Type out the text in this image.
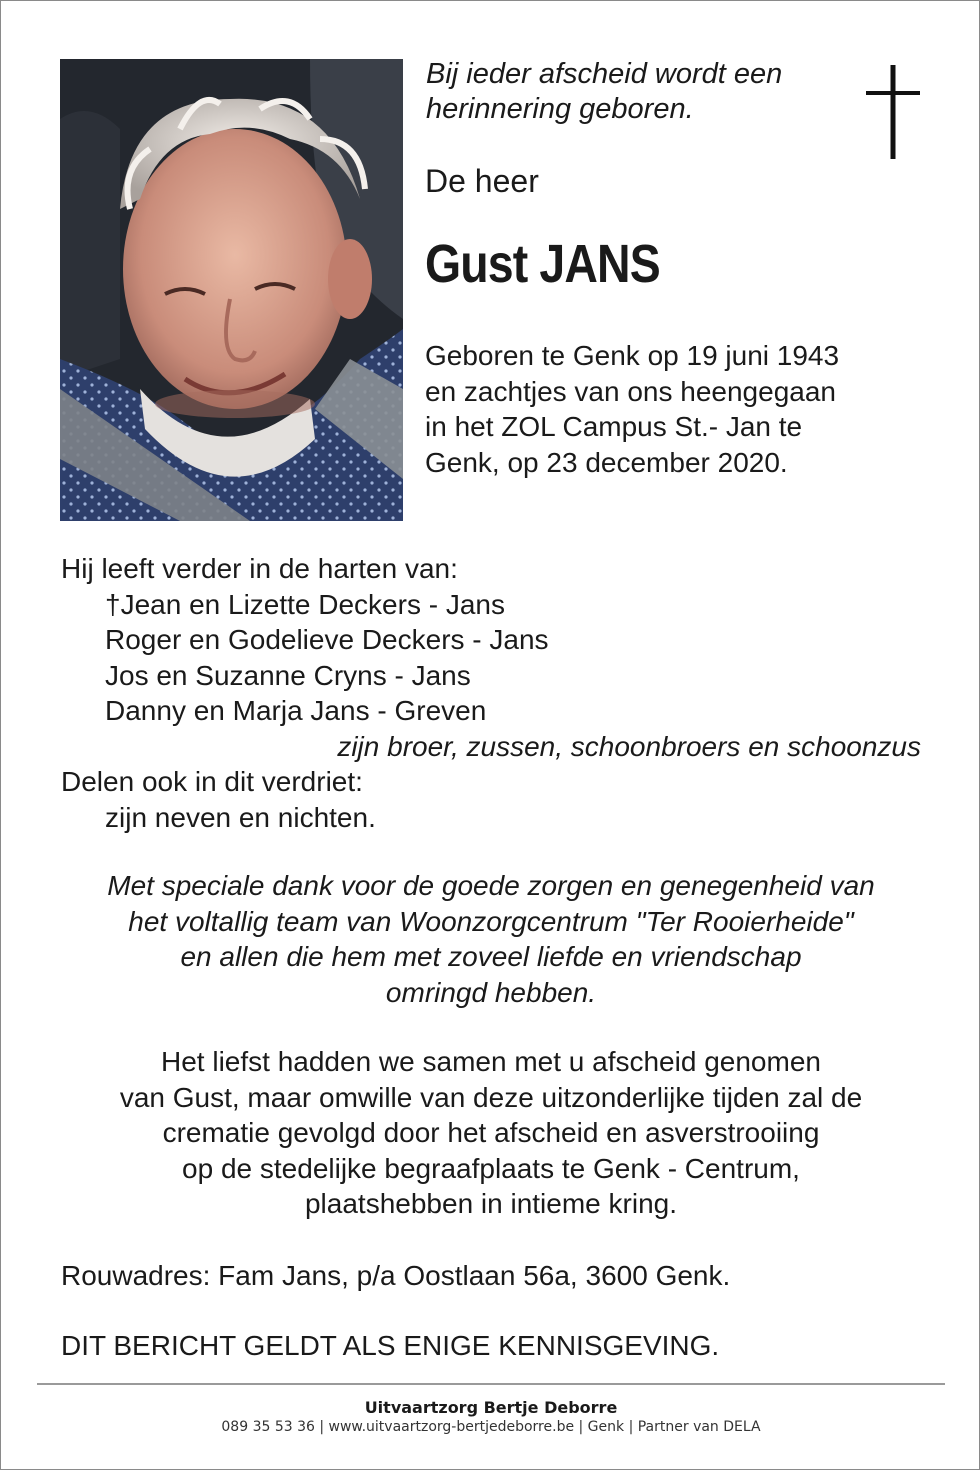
Bij ieder afscheid wordt een
herinnering geboren.
De heer
Gust JANS
Geboren te Genk op 19 juni 1943
en zachtjes van ons heengegaan
in het ZOL Campus St.- Jan te
Genk, op 23 december 2020.
Hij leeft verder in de harten van:
†Jean en Lizette Deckers - Jans
Roger en Godelieve Deckers - Jans
Jos en Suzanne Cryns - Jans
Danny en Marja Jans - Greven
zijn broer, zussen, schoonbroers en schoonzus
Delen ook in dit verdriet:
zijn neven en nichten.
Met speciale dank voor de goede zorgen en genegenheid van
het voltallig team van Woonzorgcentrum "Ter Rooierheide"
en allen die hem met zoveel liefde en vriendschap
omringd hebben.
Het liefst hadden we samen met u afscheid genomen
van Gust, maar omwille van deze uitzonderlijke tijden zal de
crematie gevolgd door het afscheid en asverstrooiing
op de stedelijke begraafplaats te Genk - Centrum,
plaatshebben in intieme kring.
Rouwadres: Fam Jans, p/a Oostlaan 56a, 3600 Genk.
DIT BERICHT GELDT ALS ENIGE KENNISGEVING.
Uitvaartzorg Bertje Deborre
089 35 53 36 | www.uitvaartzorg-bertjedeborre.be | Genk | Partner van DELA
